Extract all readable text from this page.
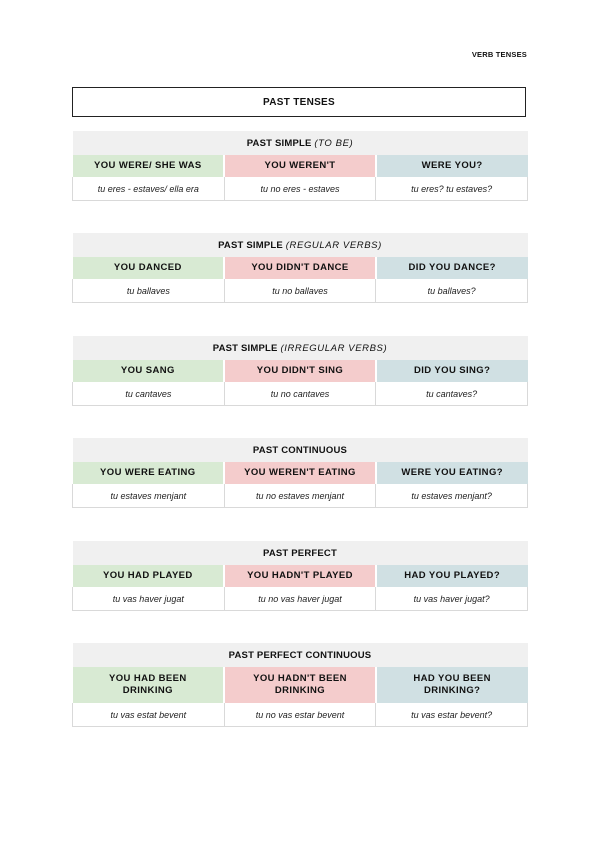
VERB TENSES
PAST TENSES
PAST SIMPLE (TO BE)		
YOU WERE/ SHE WAS	YOU WEREN'T	WERE YOU?
tu eres - estaves/ ella era	tu no eres - estaves	tu eres? tu estaves?
PAST SIMPLE (REGULAR VERBS)		
YOU DANCED	YOU DIDN'T DANCE	DID YOU DANCE?
tu ballaves	tu no ballaves	tu ballaves?
PAST SIMPLE (IRREGULAR VERBS)		
YOU SANG	YOU DIDN'T SING	DID YOU SING?
tu cantaves	tu no cantaves	tu cantaves?
PAST CONTINUOUS		
YOU WERE EATING	YOU WEREN'T EATING	WERE YOU EATING?
tu estaves menjant	tu no estaves menjant	tu estaves menjant?
PAST PERFECT		
YOU HAD PLAYED	YOU HADN'T PLAYED	HAD YOU PLAYED?
tu vas haver jugat	tu no vas haver jugat	tu vas haver jugat?
PAST PERFECT CONTINUOUS		
YOU HAD BEEN DRINKING	YOU HADN'T BEEN DRINKING	HAD YOU BEEN DRINKING?
tu vas estat bevent	tu no vas estar bevent	tu vas estar bevent?
